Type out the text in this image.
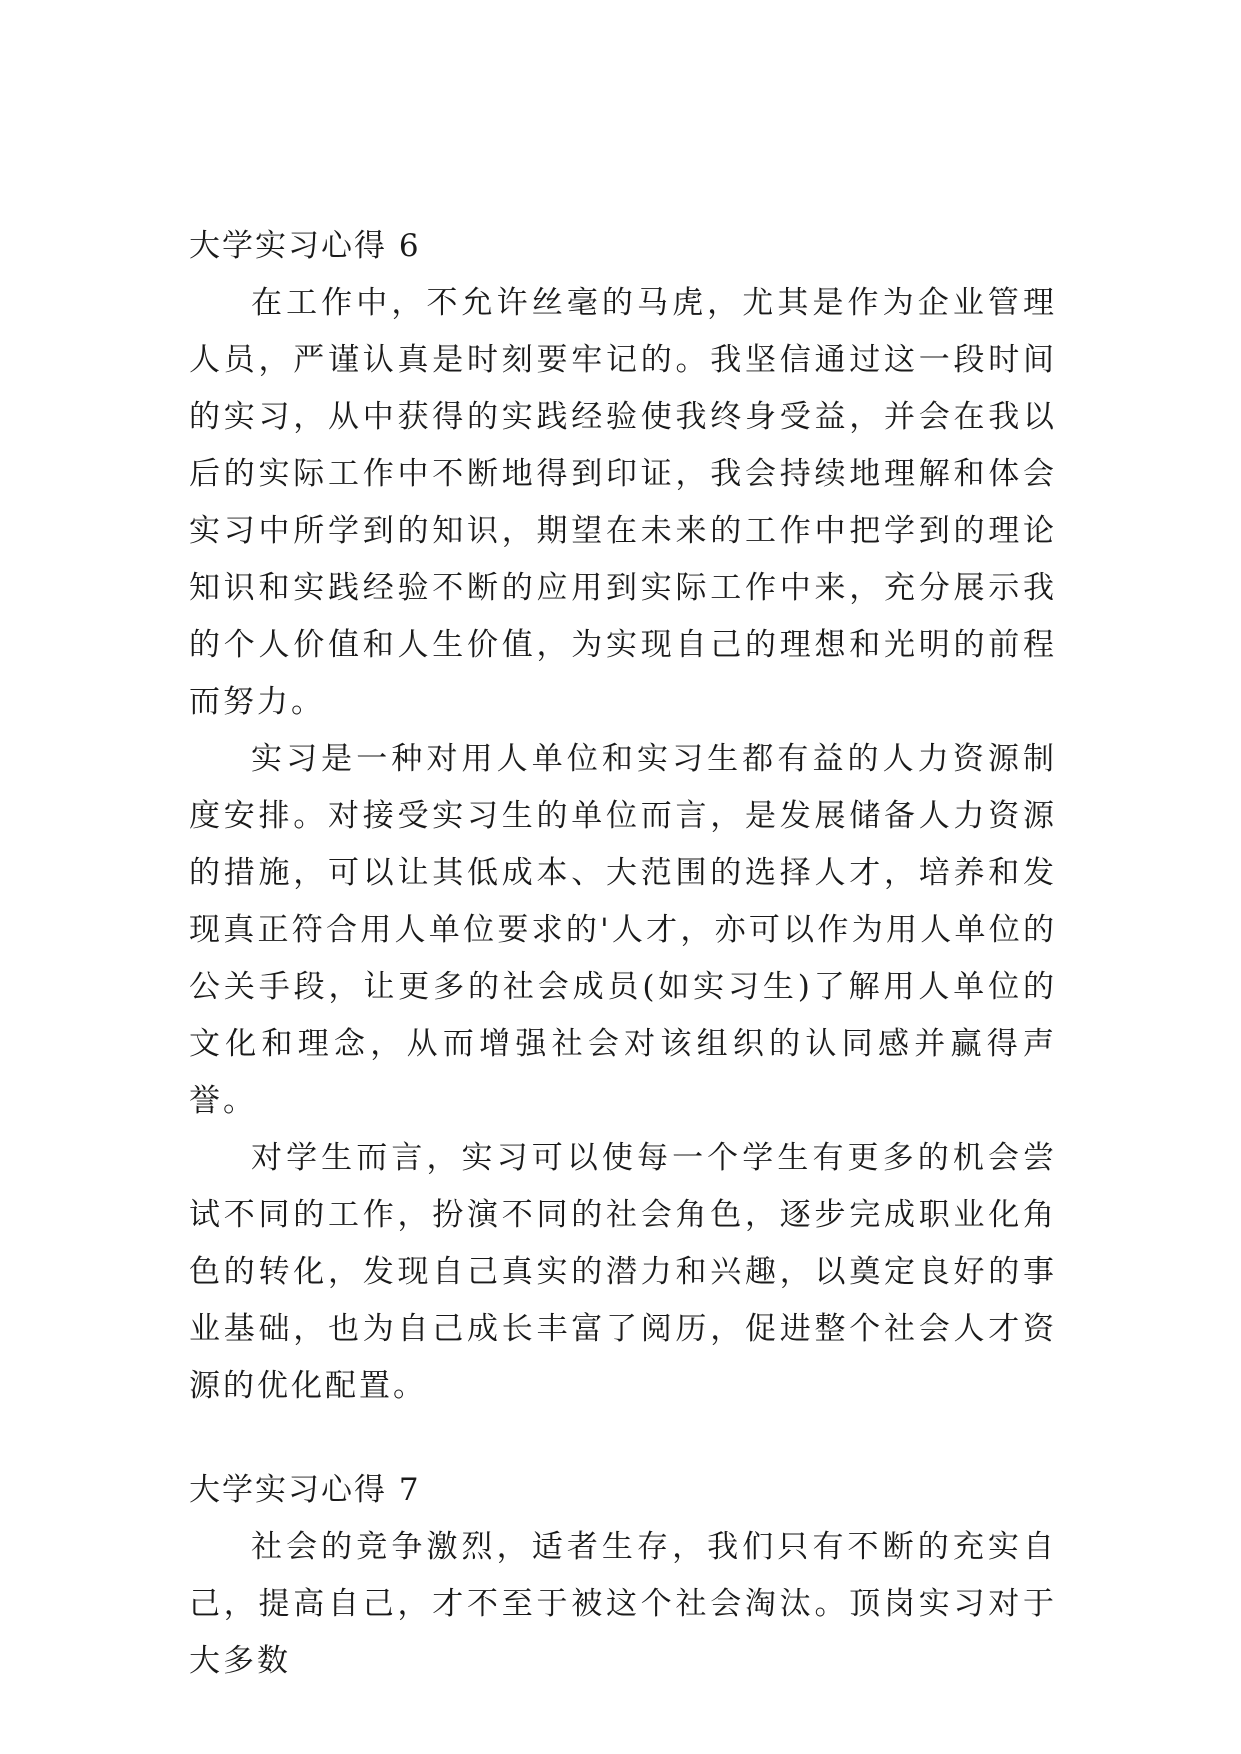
大学实习心得 6

在工作中，不允许丝毫的马虎，尤其是作为企业管理人员，严谨认真是时刻要牢记的。我坚信通过这一段时间的实习，从中获得的实践经验使我终身受益，并会在我以后的实际工作中不断地得到印证，我会持续地理解和体会实习中所学到的知识，期望在未来的工作中把学到的理论知识和实践经验不断的应用到实际工作中来，充分展示我的个人价值和人生价值，为实现自己的理想和光明的前程而努力。

实习是一种对用人单位和实习生都有益的人力资源制度安排。对接受实习生的单位而言，是发展储备人力资源的措施，可以让其低成本、大范围的选择人才，培养和发现真正符合用人单位要求的'人才，亦可以作为用人单位的公关手段，让更多的社会成员(如实习生)了解用人单位的文化和理念，从而增强社会对该组织的认同感并赢得声誉。

对学生而言，实习可以使每一个学生有更多的机会尝试不同的工作，扮演不同的社会角色，逐步完成职业化角色的转化，发现自己真实的潜力和兴趣，以奠定良好的事业基础，也为自己成长丰富了阅历，促进整个社会人才资源的优化配置。

大学实习心得 7

社会的竞争激烈，适者生存，我们只有不断的充实自己，提高自己，才不至于被这个社会淘汰。顶岗实习对于大多数
